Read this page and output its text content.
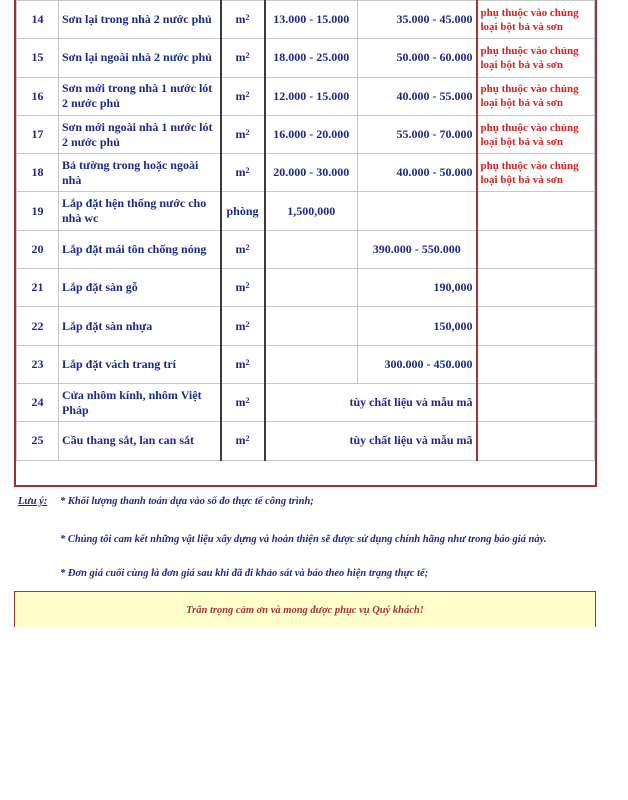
14	Sơn lại trong nhà 2 nước phủ	$m^2$	13.000 - 15.000	35.000 - 45.000	phụ thuộc vào chủng loại bột bả và sơn
15	Sơn lại ngoài nhà 2 nước phủ	$m^2$	18.000 - 25.000	50.000 - 60.000	phụ thuộc vào chủng loại bột bả và sơn
16	Sơn mới trong nhà 1 nước lót 2 nước phủ	$m^2$	12.000 - 15.000	40.000 - 55.000	phụ thuộc vào chủng loại bột bả và sơn
17	Sơn mới ngoài nhà 1 nước lót 2 nước phủ	$m^2$	16.000 - 20.000	55.000 - 70.000	phụ thuộc vào chủng loại bột bả và sơn
18	Bả tường trong hoặc ngoài nhà	$m^2$	20.000 - 30.000	40.000 - 50.000	phụ thuộc vào chủng loại bột bả và sơn
19	Lắp đặt hện thống nước cho nhà wc	phòng	1,500,000		
20	Lắp đặt mái tôn chống nóng	$m^2$		390.000 - 550.000	
21	Lắp đặt sàn gỗ	$m^2$		190,000	
22	Lắp đặt sàn nhựa	$m^2$		150,000	
23	Lắp đặt vách trang trí	$m^2$		300.000 - 450.000	
24	Cửa nhôm kính, nhôm Việt Pháp	$m^2$	tùy chất liệu và mẫu mã		
25	Cầu thang sắt, lan can sắt	$m^2$	tùy chất liệu và mẫu mã		
Lưu ý: * Khối lượng thanh toán dựa vào số đo thực tế công trình;
* Chúng tôi cam kết những vật liệu xây dựng và hoàn thiện sẽ được sử dụng chính hãng như trong báo giá này.
* Đơn giá cuối cùng là đơn giá sau khi đã đi khảo sát và báo theo hiện trạng thực tế;
Trân trọng cảm ơn và mong được phục vụ Quý khách!
